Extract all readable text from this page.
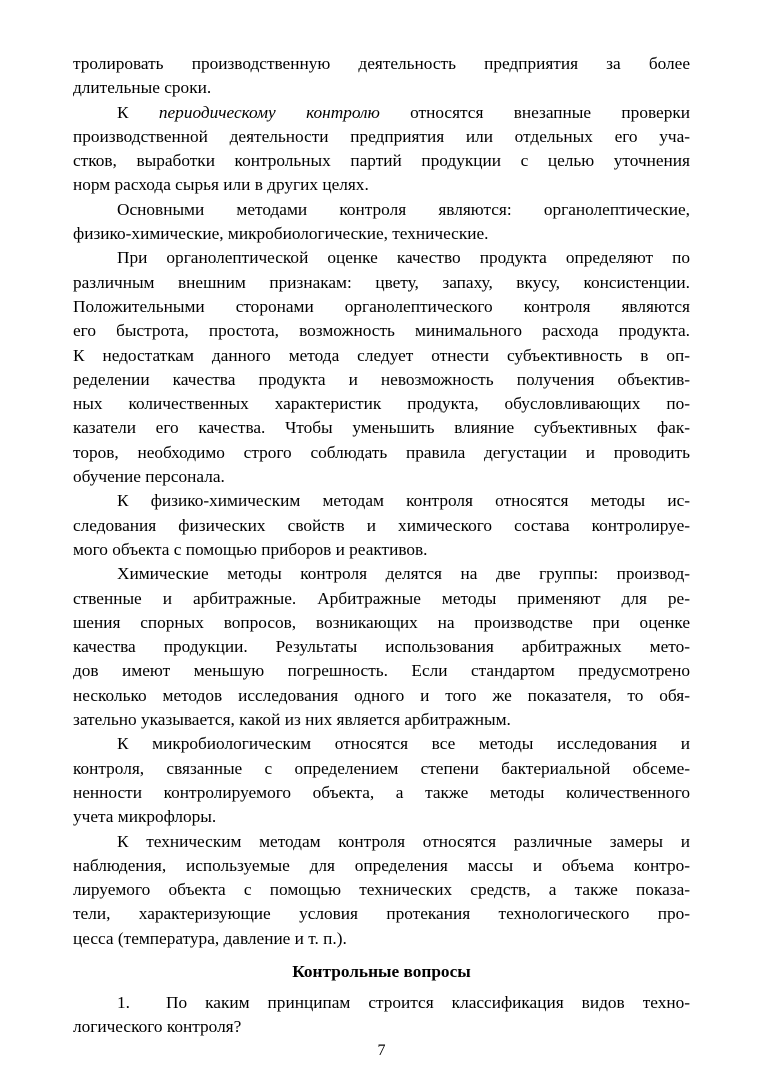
тролировать производственную деятельность предприятия за более
длительные сроки.
К периодическому контролю относятся внезапные проверки
производственной деятельности предприятия или отдельных его уча-
стков, выработки контрольных партий продукции с целью уточнения
норм расхода сырья или в других целях.
Основными методами контроля являются: органолептические,
физико-химические, микробиологические, технические.
При органолептической оценке качество продукта определяют по
различным внешним признакам: цвету, запаху, вкусу, консистенции.
Положительными сторонами органолептического контроля являются
его быстрота, простота, возможность минимального расхода продукта.
К недостаткам данного метода следует отнести субъективность в оп-
ределении качества продукта и невозможность получения объектив-
ных количественных характеристик продукта, обусловливающих по-
казатели его качества. Чтобы уменьшить влияние субъективных фак-
торов, необходимо строго соблюдать правила дегустации и проводить
обучение персонала.
К физико-химическим методам контроля относятся методы ис-
следования физических свойств и химического состава контролируе-
мого объекта с помощью приборов и реактивов.
Химические методы контроля делятся на две группы: производ-
ственные и арбитражные. Арбитражные методы применяют для ре-
шения спорных вопросов, возникающих на производстве при оценке
качества продукции. Результаты использования арбитражных мето-
дов имеют меньшую погрешность. Если стандартом предусмотрено
несколько методов исследования одного и того же показателя, то обя-
зательно указывается, какой из них является арбитражным.
К микробиологическим относятся все методы исследования и
контроля, связанные с определением степени бактериальной обсеме-
ненности контролируемого объекта, а также методы количественного
учета микрофлоры.
К техническим методам контроля относятся различные замеры и
наблюдения, используемые для определения массы и объема контро-
лируемого объекта с помощью технических средств, а также показа-
тели, характеризующие условия протекания технологического про-
цесса (температура, давление и т. п.).
Контрольные вопросы
1.  По каким принципам строится классификация видов техно-
логического контроля?
7
